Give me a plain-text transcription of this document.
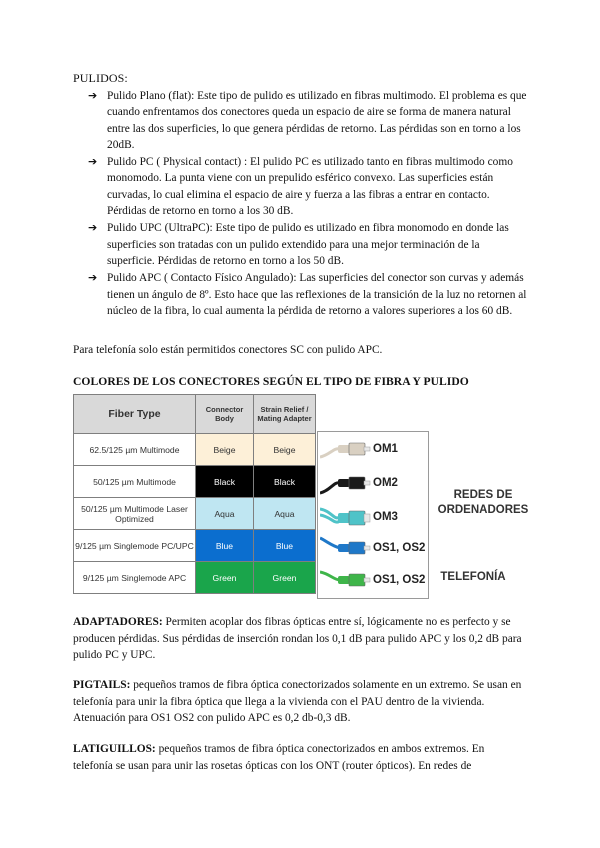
PULIDOS:
➔ Pulido Plano (flat): Este tipo de pulido es utilizado en fibras multimodo. El problema es que cuando enfrentamos dos conectores queda un espacio de aire se forma de manera natural entre las dos superficies, lo que genera pérdidas de retorno. Las pérdidas son en torno a los 20dB.
➔ Pulido PC ( Physical contact) : El pulido PC es utilizado tanto en fibras multimodo como monomodo. La punta viene con un prepulido esférico convexo. Las superficies están curvadas, lo cual elimina el espacio de aire y fuerza a las fibras a entrar en contacto. Pérdidas de retorno en torno a los 30 dB.
➔ Pulido UPC (UltraPC): Este tipo de pulido es utilizado en fibra monomodo en donde las superficies son tratadas con un pulido extendido para una mejor terminación de la superficie. Pérdidas de retorno en torno a los 50 dB.
➔ Pulido APC ( Contacto Físico Angulado): Las superficies del conector son curvas y además tienen un ángulo de 8º. Esto hace que las reflexiones de la transición de la luz no retornen al núcleo de la fibra, lo cual aumenta la pérdida de retorno a valores superiores a los 60 dB.
Para telefonía solo están permitidos conectores SC con pulido APC.
COLORES DE LOS CONECTORES SEGÚN EL TIPO DE FIBRA Y PULIDO
Fiber Type	Connector Body	Strain Relief / Mating Adapter
62.5/125 µm Multimode	Beige	Beige
50/125 µm Multimode	Black	Black
50/125 µm Multimode Laser Optimized	Aqua	Aqua
9/125 µm Singlemode PC/UPC	Blue	Blue
9/125 µm Singlemode APC	Green	Green
OM1
OM2
OM3
OS1, OS2
OS1, OS2
REDES DE ORDENADORES
TELEFONÍA
ADAPTADORES: Permiten acoplar dos fibras ópticas entre sí, lógicamente no es perfecto y se producen pérdidas. Sus pérdidas de inserción rondan los 0,1 dB para pulido APC y los 0,2 dB para pulido PC y UPC.
PIGTAILS: pequeños tramos de fibra óptica conectorizados solamente en un extremo. Se usan en telefonía para unir la fibra óptica que llega a la vivienda con el PAU dentro de la vivienda. Atenuación para OS1 OS2 con pulido APC es 0,2 db-0,3 dB.
LATIGUILLOS: pequeños tramos de fibra óptica conectorizados en ambos extremos. En telefonía se usan para unir las rosetas ópticas con los ONT (router ópticos). En redes de
